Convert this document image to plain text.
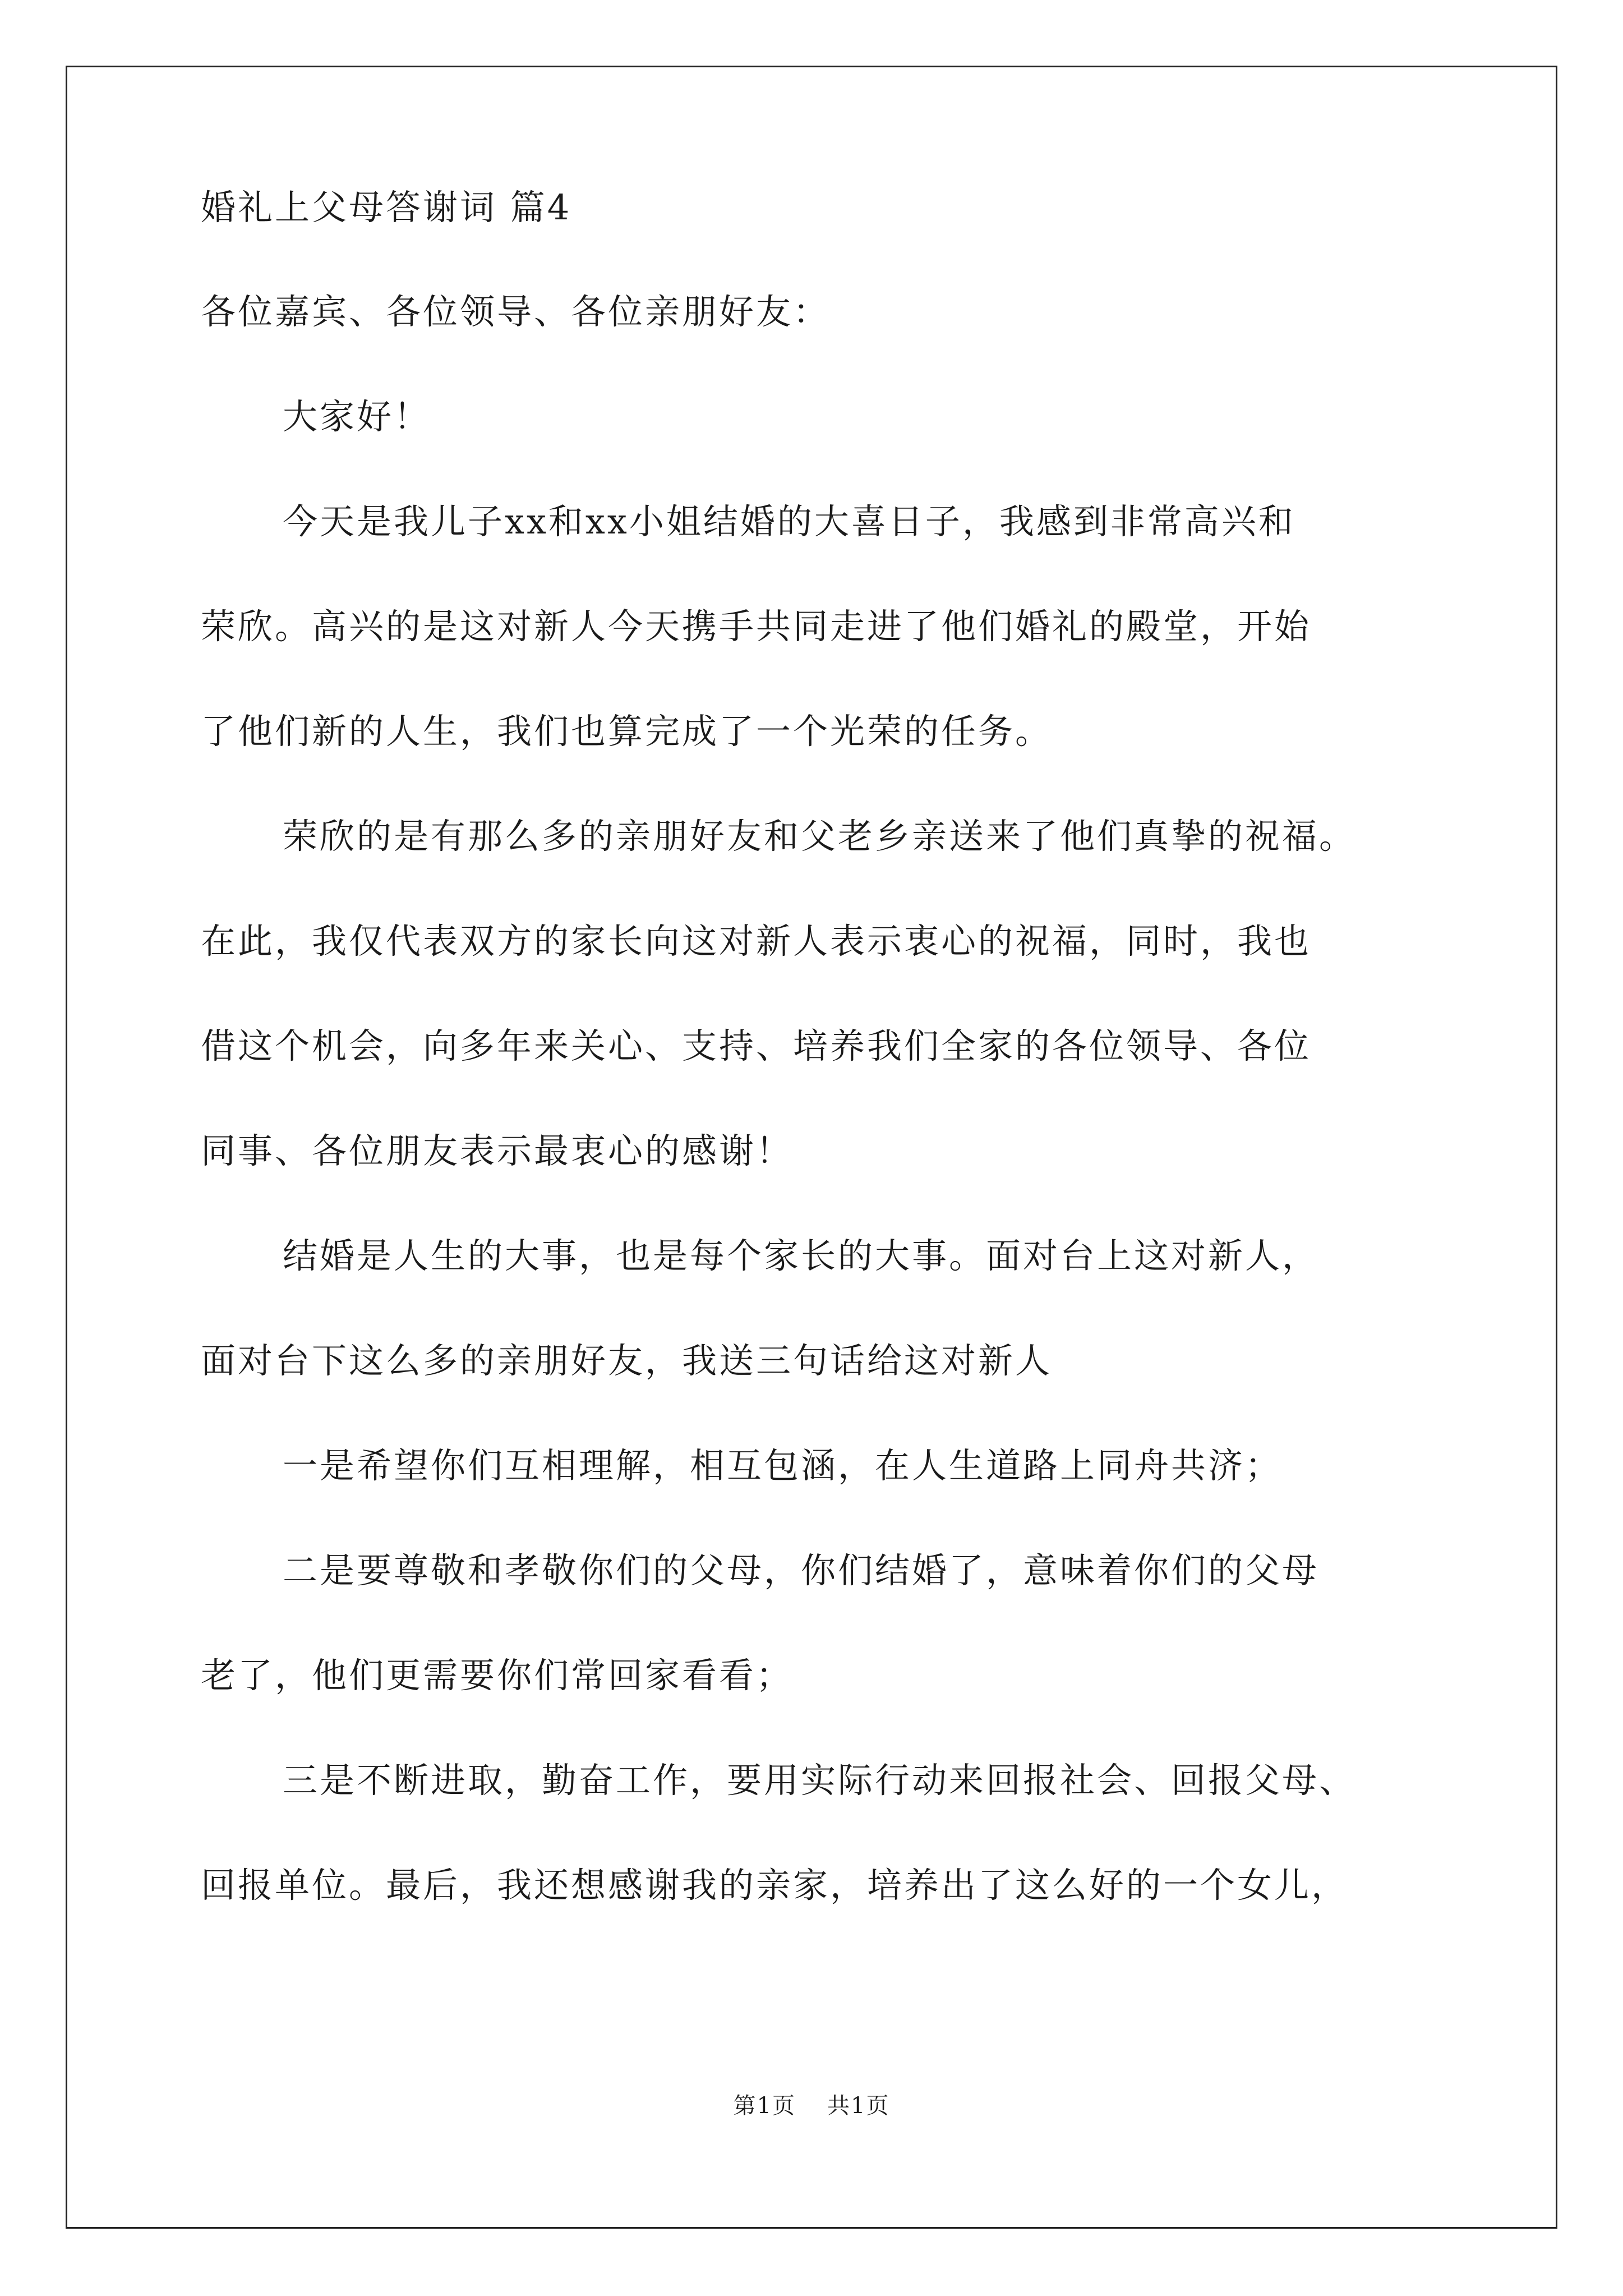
婚礼上父母答谢词 篇4
各位嘉宾、各位领导、各位亲朋好友：
大家好！
今天是我儿子xx和xx小姐结婚的大喜日子，我感到非常高兴和
荣欣。高兴的是这对新人今天携手共同走进了他们婚礼的殿堂，开始
了他们新的人生，我们也算完成了一个光荣的任务。
荣欣的是有那么多的亲朋好友和父老乡亲送来了他们真挚的祝福。
在此，我仅代表双方的家长向这对新人表示衷心的祝福，同时，我也
借这个机会，向多年来关心、支持、培养我们全家的各位领导、各位
同事、各位朋友表示最衷心的感谢！
结婚是人生的大事，也是每个家长的大事。面对台上这对新人，
面对台下这么多的亲朋好友，我送三句话给这对新人
一是希望你们互相理解，相互包涵，在人生道路上同舟共济；
二是要尊敬和孝敬你们的父母，你们结婚了，意味着你们的父母
老了，他们更需要你们常回家看看；
三是不断进取，勤奋工作，要用实际行动来回报社会、回报父母、
回报单位。最后，我还想感谢我的亲家，培养出了这么好的一个女儿，
第1页 共1页
